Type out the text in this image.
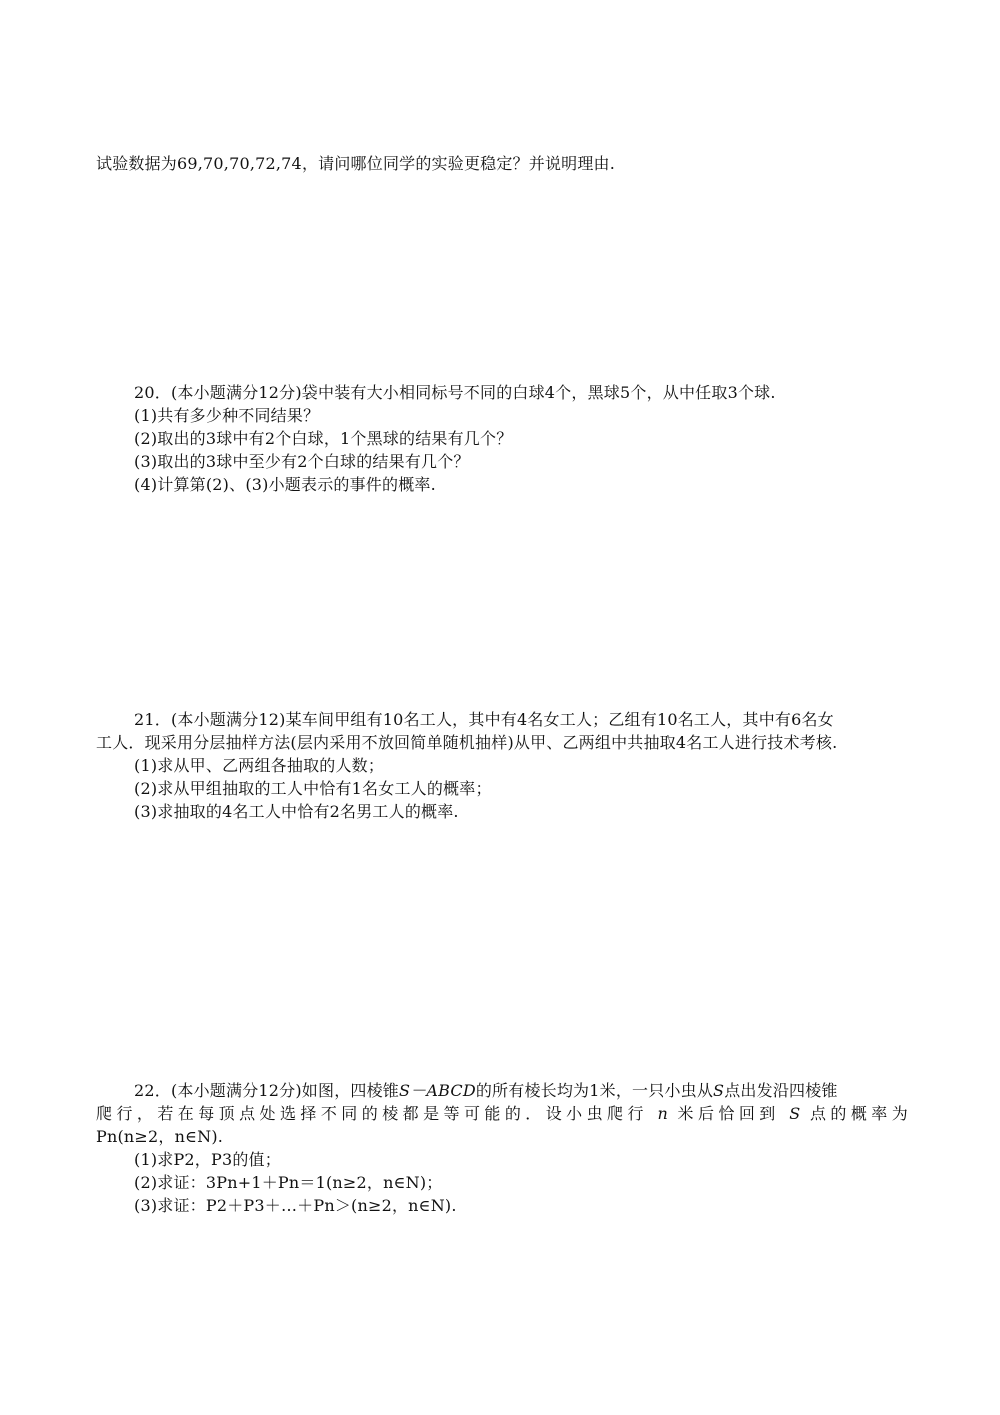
试验数据为69,70,70,72,74，请问哪位同学的实验更稳定？并说明理由.
20．(本小题满分12分)袋中装有大小相同标号不同的白球4个，黑球5个，从中任取3个球.
(1)共有多少种不同结果？
(2)取出的3球中有2个白球，1个黑球的结果有几个？
(3)取出的3球中至少有2个白球的结果有几个？
(4)计算第(2)、(3)小题表示的事件的概率.
21．(本小题满分12)某车间甲组有10名工人，其中有4名女工人；乙组有10名工人，其中有6名女
工人．现采用分层抽样方法(层内采用不放回简单随机抽样)从甲、乙两组中共抽取4名工人进行技术考核.
(1)求从甲、乙两组各抽取的人数；
(2)求从甲组抽取的工人中恰有1名女工人的概率；
(3)求抽取的4名工人中恰有2名男工人的概率.
22．(本小题满分12分)如图，四棱锥S－ABCD的所有棱长均为1米，一只小虫从S点出发沿四棱锥
爬行，若在每顶点处选择不同的棱都是等可能的．设小虫爬行 n 米后恰回到 S 点的概率为
Pn(n≥2，n∈N).
(1)求P2，P3的值；
(2)求证：3Pn+1＋Pn＝1(n≥2，n∈N)；
(3)求证：P2＋P3＋…＋Pn＞(n≥2，n∈N).
